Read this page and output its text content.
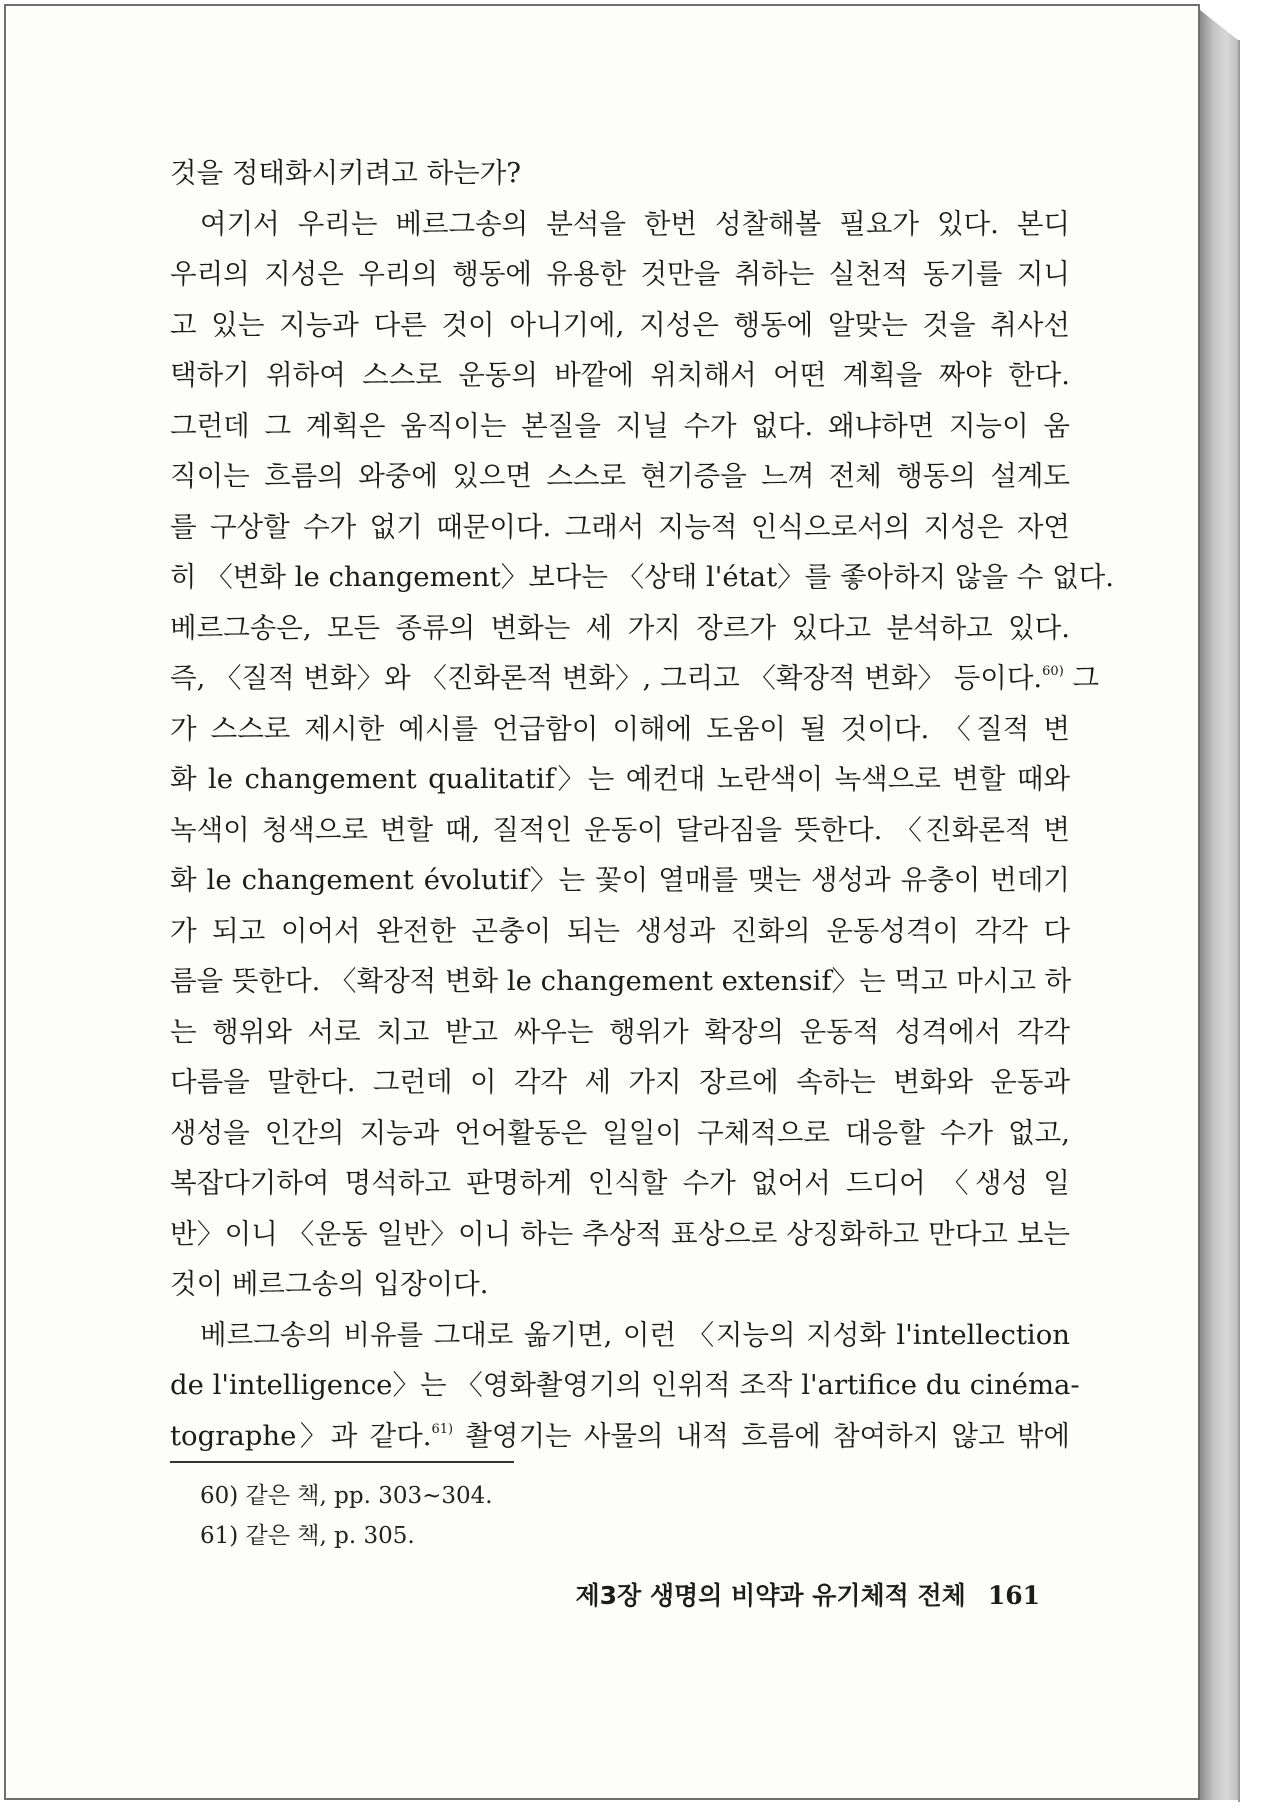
것을 정태화시키려고 하는가?
여기서 우리는 베르그송의 분석을 한번 성찰해볼 필요가 있다. 본디
우리의 지성은 우리의 행동에 유용한 것만을 취하는 실천적 동기를 지니
고 있는 지능과 다른 것이 아니기에, 지성은 행동에 알맞는 것을 취사선
택하기 위하여 스스로 운동의 바깥에 위치해서 어떤 계획을 짜야 한다.
그런데 그 계획은 움직이는 본질을 지닐 수가 없다. 왜냐하면 지능이 움
직이는 흐름의 와중에 있으면 스스로 현기증을 느껴 전체 행동의 설계도
를 구상할 수가 없기 때문이다. 그래서 지능적 인식으로서의 지성은 자연
히 〈변화 le changement〉보다는 〈상태 l'état〉를 좋아하지 않을 수 없다.
베르그송은, 모든 종류의 변화는 세 가지 장르가 있다고 분석하고 있다.
즉, 〈질적 변화〉와 〈진화론적 변화〉, 그리고 〈확장적 변화〉 등이다.$^{60)}$ 그
가 스스로 제시한 예시를 언급함이 이해에 도움이 될 것이다. 〈질적 변
화 le changement qualitatif〉는 예컨대 노란색이 녹색으로 변할 때와
녹색이 청색으로 변할 때, 질적인 운동이 달라짐을 뜻한다. 〈진화론적 변
화 le changement évolutif〉는 꽃이 열매를 맺는 생성과 유충이 번데기
가 되고 이어서 완전한 곤충이 되는 생성과 진화의 운동성격이 각각 다
름을 뜻한다. 〈확장적 변화 le changement extensif〉는 먹고 마시고 하
는 행위와 서로 치고 받고 싸우는 행위가 확장의 운동적 성격에서 각각
다름을 말한다. 그런데 이 각각 세 가지 장르에 속하는 변화와 운동과
생성을 인간의 지능과 언어활동은 일일이 구체적으로 대응할 수가 없고,
복잡다기하여 명석하고 판명하게 인식할 수가 없어서 드디어 〈생성 일
반〉이니 〈운동 일반〉이니 하는 추상적 표상으로 상징화하고 만다고 보는
것이 베르그송의 입장이다.
베르그송의 비유를 그대로 옮기면, 이런 〈지능의 지성화 l'intellection
de l'intelligence〉는 〈영화촬영기의 인위적 조작 l'artifice du cinéma-
tographe〉과 같다.$^{61)}$ 촬영기는 사물의 내적 흐름에 참여하지 않고 밖에
60) 같은 책, pp. 303~304.
61) 같은 책, p. 305.
제3장 생명의 비약과 유기체적 전체 161
